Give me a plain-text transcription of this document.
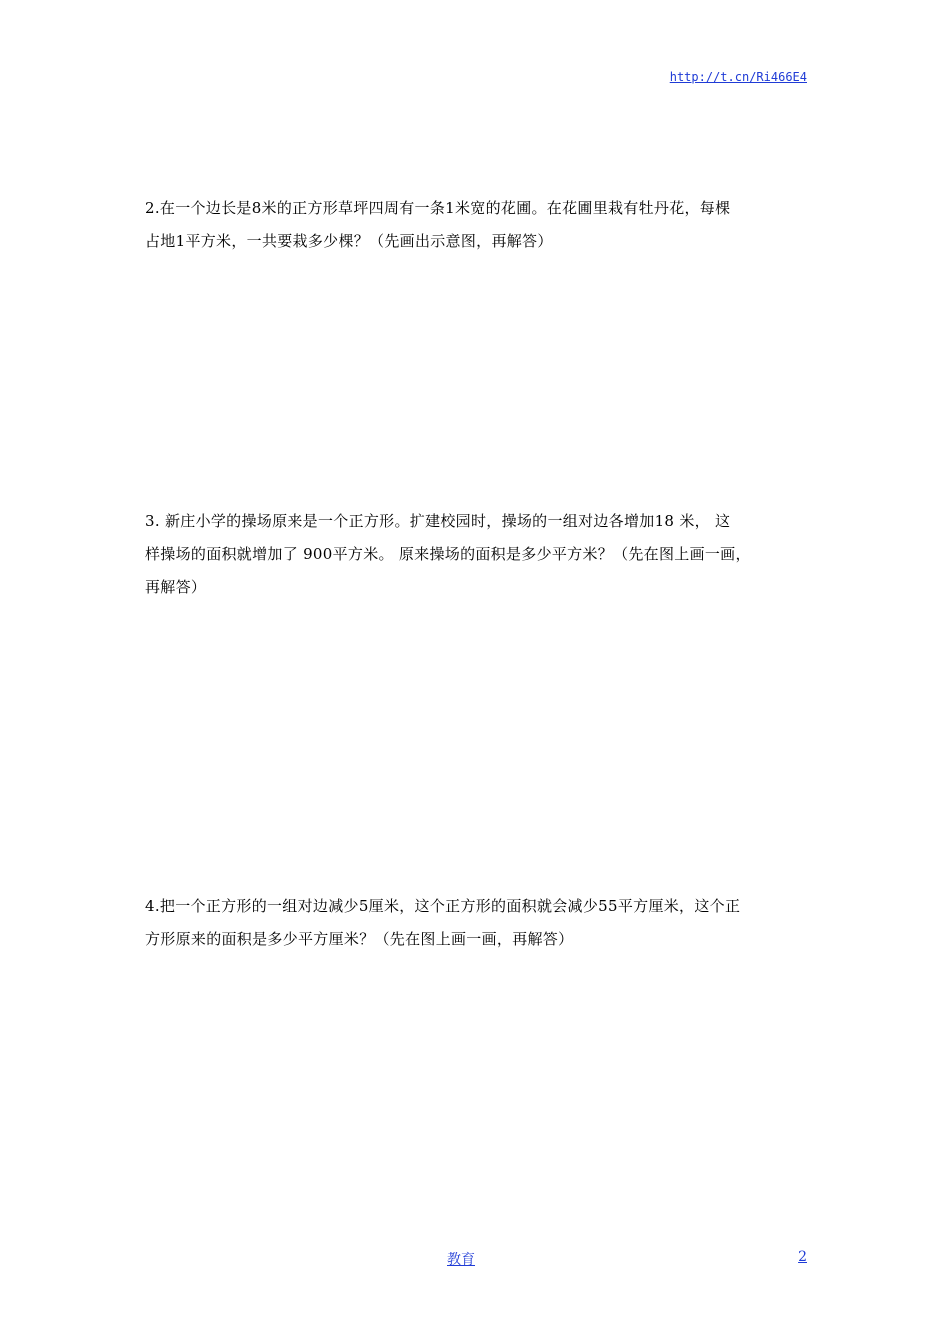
http://t.cn/Ri466E4

2.在一个边长是8米的正方形草坪四周有一条1米宽的花圃。在花圃里栽有牡丹花，每棵

占地1平方米，一共要栽多少棵？（先画出示意图，再解答）

3. 新庄小学的操场原来是一个正方形。扩建校园时，操场的一组对边各增加18 米， 这

样操场的面积就增加了 900平方米。 原来操场的面积是多少平方米？（先在图上画一画，

再解答）

4.把一个正方形的一组对边减少5厘米，这个正方形的面积就会减少55平方厘米，这个正

方形原来的面积是多少平方厘米？（先在图上画一画，再解答）

教育	2
